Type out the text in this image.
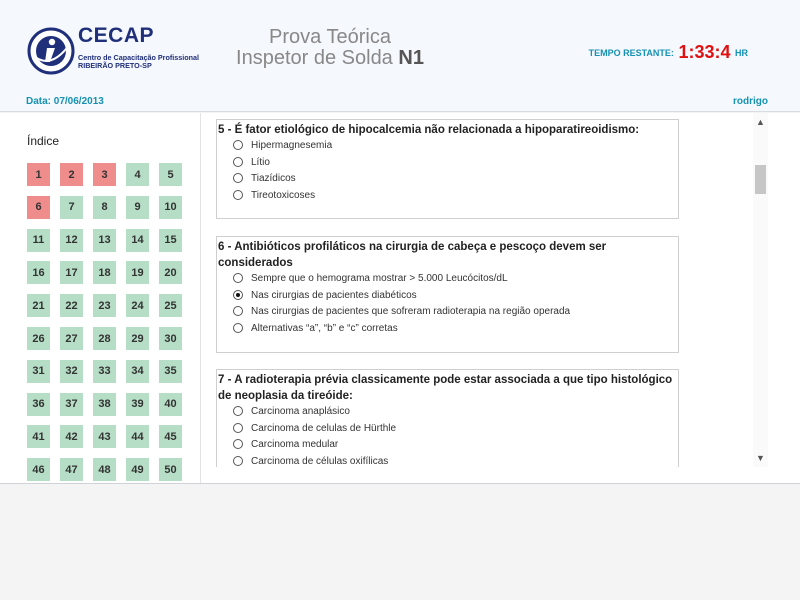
CECAP
Centro de Capacitação Profissional
RIBEIRÃO PRETO-SP
Prova Teórica
Inspetor de Solda N1	TEMPO RESTANTE: 1:33:4 HR
Data: 07/06/2013	rodrigo
Índice
1	2	3	4	5
6	7	8	9	10
11	12	13	14	15
16	17	18	19	20
21	22	23	24	25
26	27	28	29	30
31	32	33	34	35
36	37	38	39	40
41	42	43	44	45
46	47	48	49	50
5 - É fator etiológico de hipocalcemia não relacionada a hipoparatireoidismo:
Hipermagnesemia
Lítio
Tiazídicos
Tireotoxicoses
6 - Antibióticos profiláticos na cirurgia de cabeça e pescoço devem ser considerados
Sempre que o hemograma mostrar > 5.000 Leucócitos/dL
Nas cirurgias de pacientes diabéticos
Nas cirurgias de pacientes que sofreram radioterapia na região operada
Alternativas “a”, “b” e “c” corretas
7 - A radioterapia prévia classicamente pode estar associada a que tipo histológico de neoplasia da tireóide:
Carcinoma anaplásico
Carcinoma de celulas de Hürthle
Carcinoma medular
Carcinoma de células oxifílicas
▲
▼
